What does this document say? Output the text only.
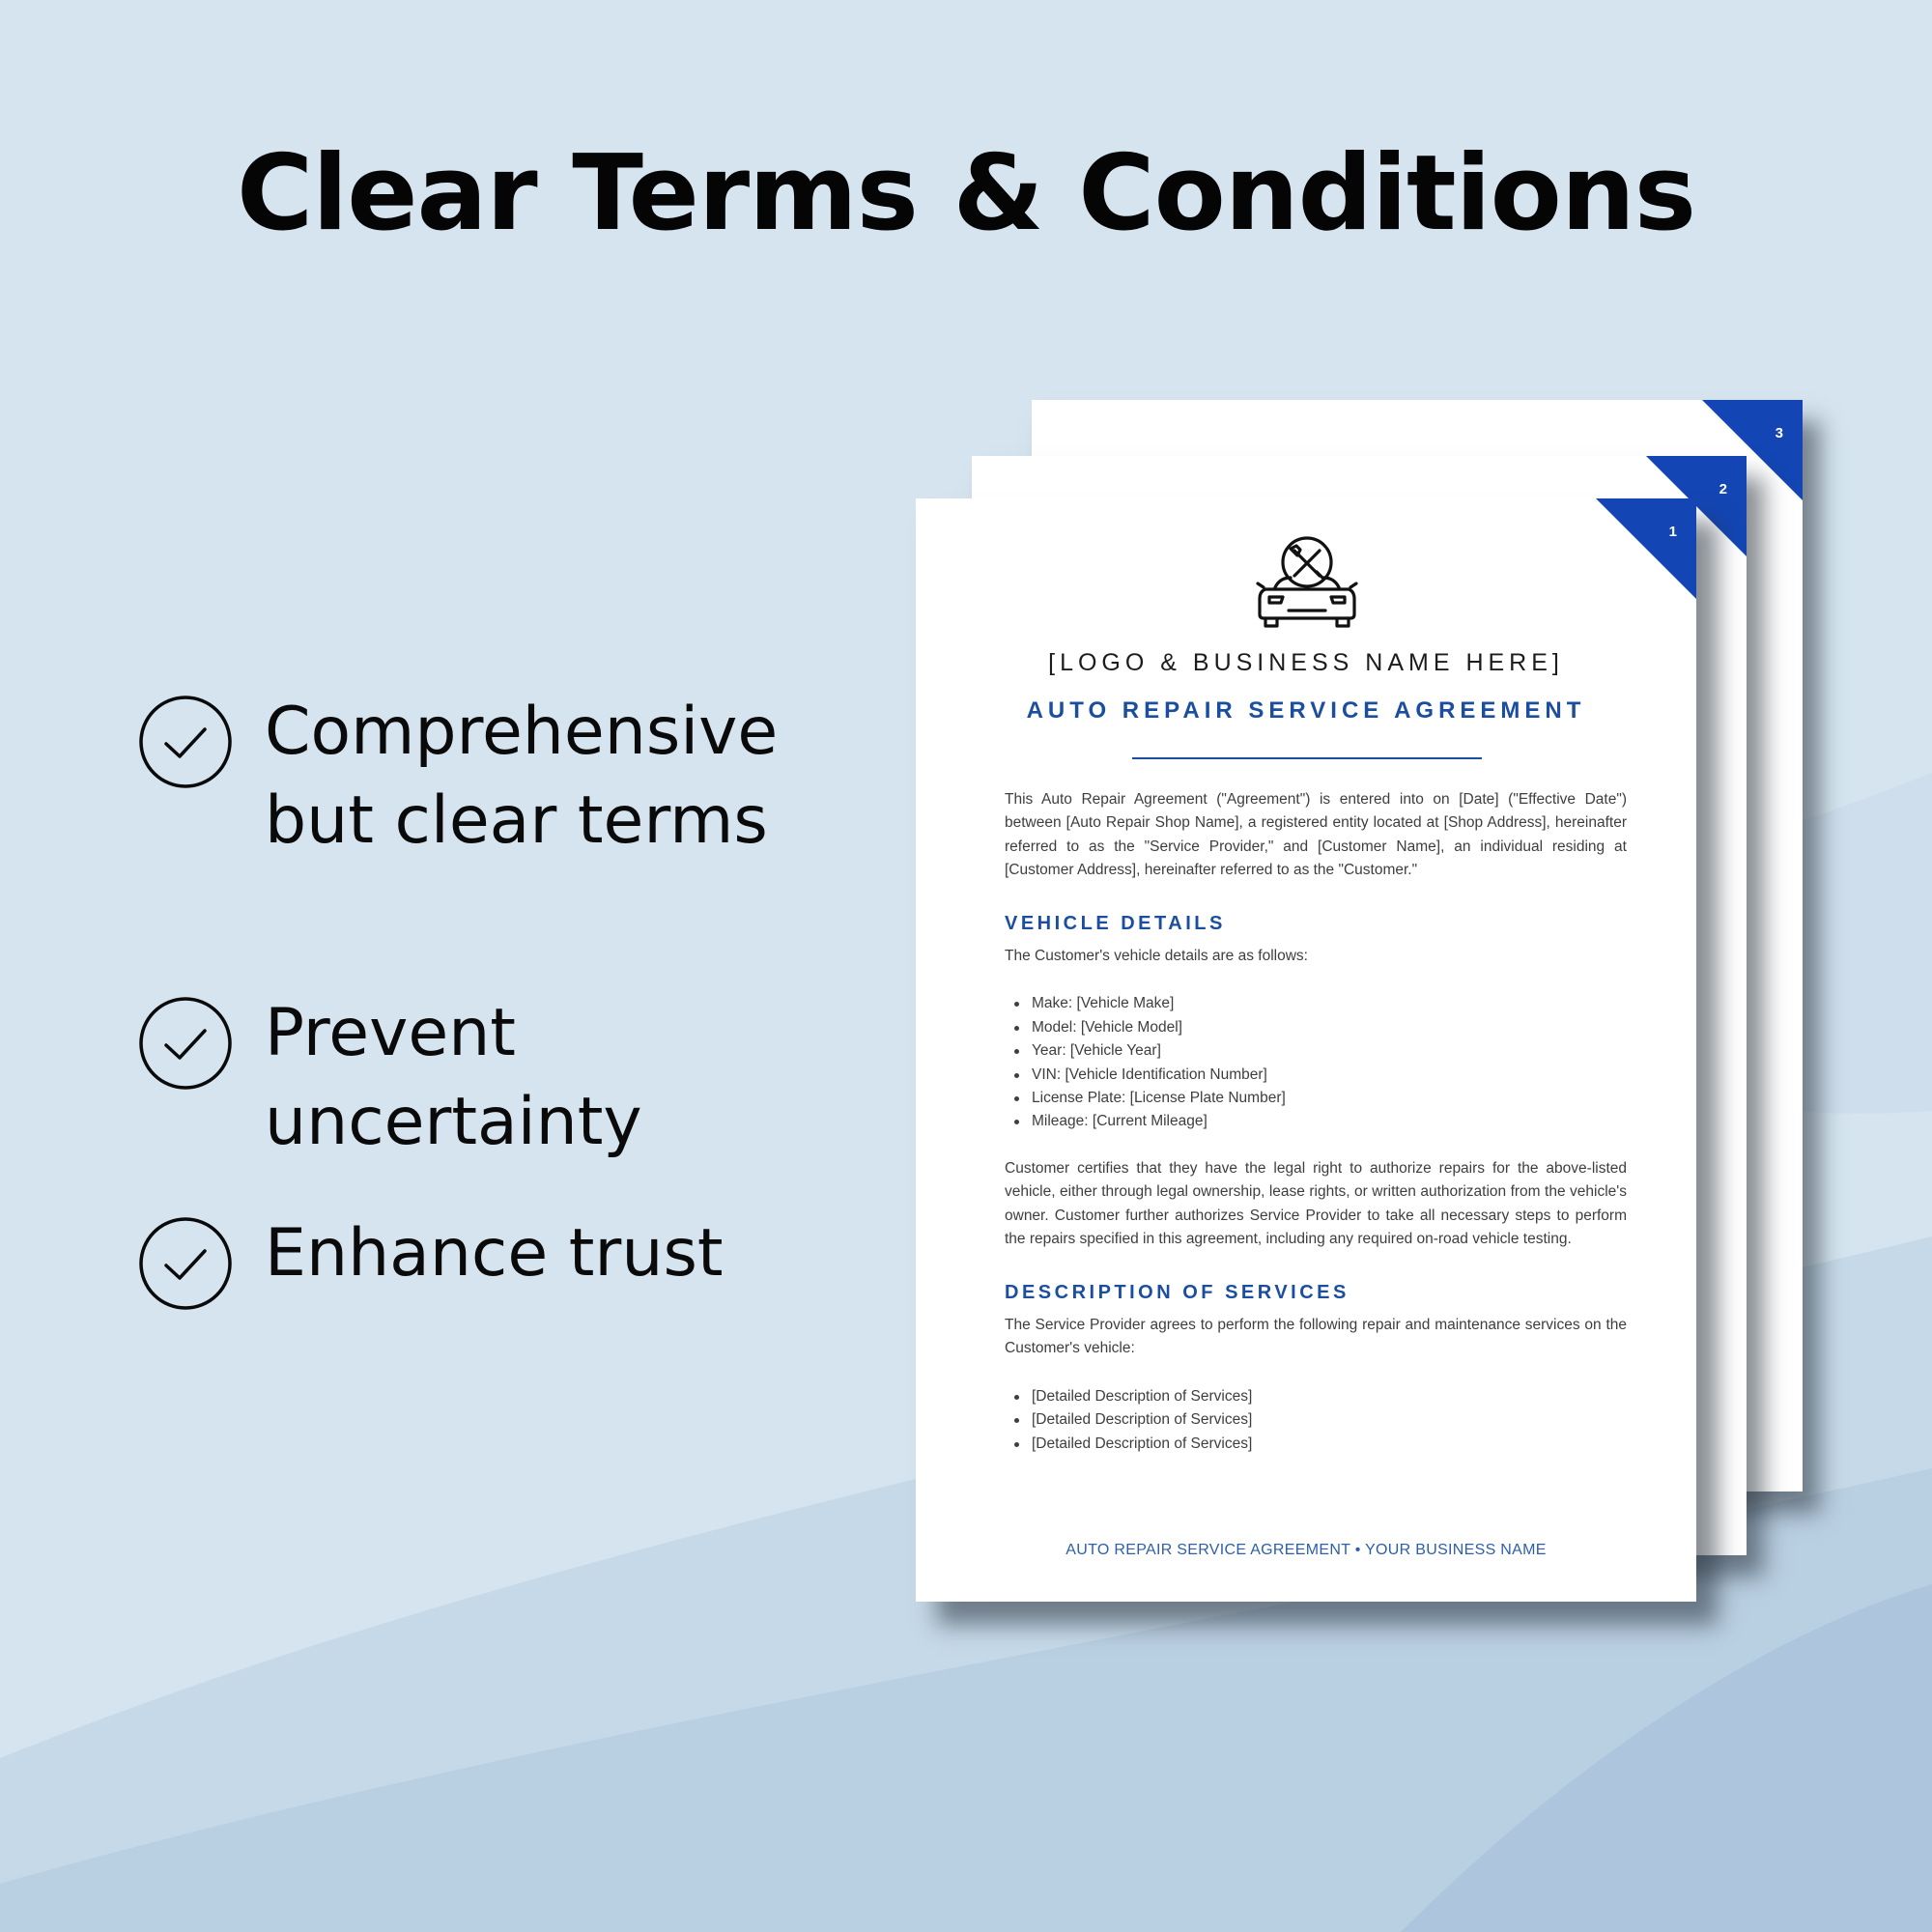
Clear Terms & Conditions
Comprehensive
but clear terms
Prevent uncertainty
Enhance trust
3
2
1
[LOGO & BUSINESS NAME HERE]
AUTO REPAIR SERVICE AGREEMENT

This Auto Repair Agreement ("Agreement") is entered into on [Date] ("Effective Date") between [Auto Repair Shop Name], a registered entity located at [Shop Address], hereinafter referred to as the "Service Provider," and [Customer Name], an individual residing at [Customer Address], hereinafter referred to as the "Customer."

VEHICLE DETAILS

The Customer's vehicle details are as follows:

Make: [Vehicle Make]
Model: [Vehicle Model]
Year: [Vehicle Year]
VIN: [Vehicle Identification Number]
License Plate: [License Plate Number]
Mileage: [Current Mileage]

Customer certifies that they have the legal right to authorize repairs for the above-listed vehicle, either through legal ownership, lease rights, or written authorization from the vehicle's owner. Customer further authorizes Service Provider to take all necessary steps to perform the repairs specified in this agreement, including any required on-road vehicle testing.

DESCRIPTION OF SERVICES

The Service Provider agrees to perform the following repair and maintenance services on the Customer's vehicle:

[Detailed Description of Services]
[Detailed Description of Services]
[Detailed Description of Services]
AUTO REPAIR SERVICE AGREEMENT • YOUR BUSINESS NAME
